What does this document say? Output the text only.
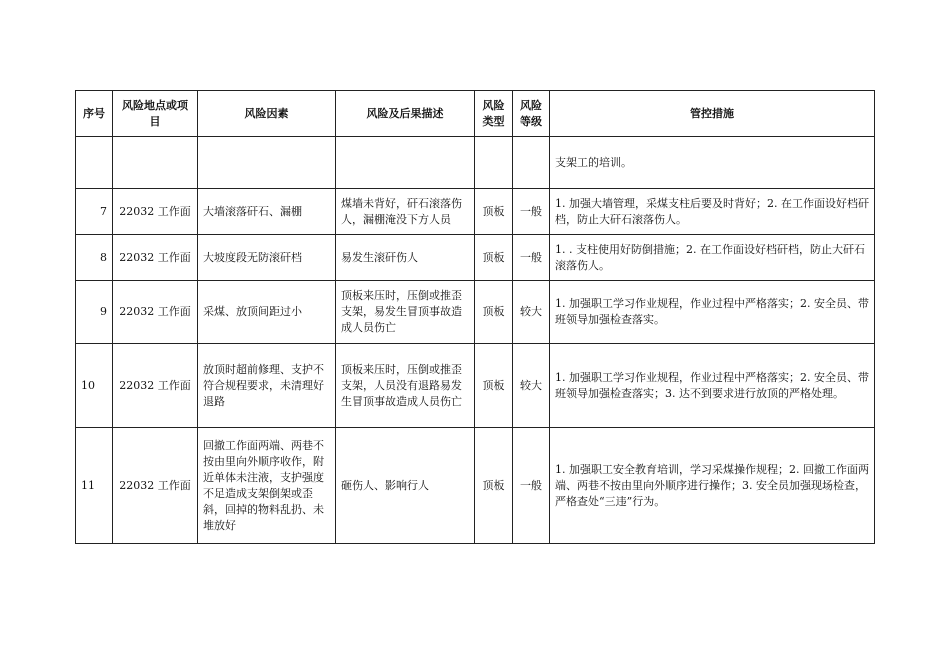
序号	风险地点或项目	风险因素	风险及后果描述	风险类型	风险等级	管控措施
						支架工的培训。
7	22032 工作面	大墙滚落矸石、漏棚	煤墙未背好，矸石滚落伤人，漏棚淹没下方人员	顶板	一般	1. 加强大墙管理，采煤支柱后要及时背好；2. 在工作面设好档矸档，防止大矸石滚落伤人。
8	22032 工作面	大坡度段无防滚矸档	易发生滚矸伤人	顶板	一般	1. . 支柱使用好防倒措施；2. 在工作面设好档矸档，防止大矸石滚落伤人。
9	22032 工作面	采煤、放顶间距过小	顶板来压时，压倒或推歪支架，易发生冒顶事故造成人员伤亡	顶板	较大	1. 加强职工学习作业规程，作业过程中严格落实；2. 安全员、带班领导加强检查落实。
10	22032 工作面	放顶时超前修理、支护不符合规程要求，未清理好退路	顶板来压时，压倒或推歪支架，人员没有退路易发生冒顶事故造成人员伤亡	顶板	较大	1. 加强职工学习作业规程，作业过程中严格落实；2. 安全员、带班领导加强检查落实；3. 达不到要求进行放顶的严格处理。
11	22032 工作面	回撤工作面两端、两巷不按由里向外顺序收作，附近单体未注液，支护强度不足造成支架倒架或歪斜，回掉的物料乱扔、未堆放好	砸伤人、影响行人	顶板	一般	1. 加强职工安全教育培训，学习采煤操作规程；2. 回撤工作面两端、两巷不按由里向外顺序进行操作；3. 安全员加强现场检查，严格查处“三违”行为。
